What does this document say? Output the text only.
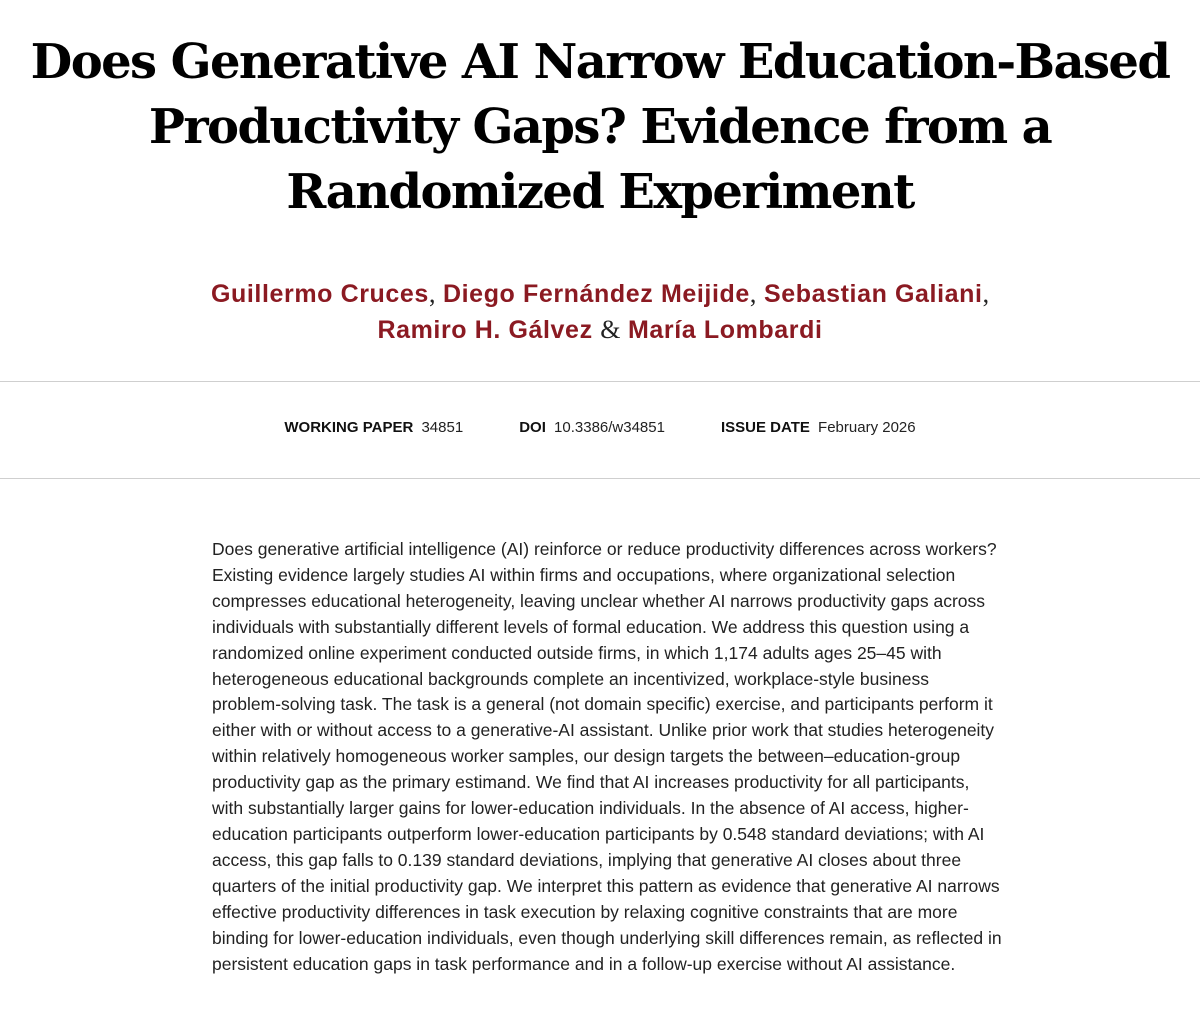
Does Generative AI Narrow Education-Based
Productivity Gaps? Evidence from a
Randomized Experiment
Guillermo Cruces, Diego Fernández Meijide, Sebastian Galiani, Ramiro H. Gálvez & María Lombardi
WORKING PAPER 34851	DOI 10.3386/w34851	ISSUE DATE February 2026

Does generative artificial intelligence (AI) reinforce or reduce productivity differences across workers? Existing evidence largely studies AI within firms and occupations, where organizational selection compresses educational heterogeneity, leaving unclear whether AI narrows productivity gaps across individuals with substantially different levels of formal education. We address this question using a randomized online experiment conducted outside firms, in which 1,174 adults ages 25–45 with heterogeneous educational backgrounds complete an incentivized, workplace-style business problem-solving task. The task is a general (not domain specific) exercise, and participants perform it either with or without access to a generative-AI assistant. Unlike prior work that studies heterogeneity within relatively homogeneous worker samples, our design targets the between–education-group productivity gap as the primary estimand. We find that AI increases productivity for all participants, with substantially larger gains for lower-education individuals. In the absence of AI access, higher-education participants outperform lower-education participants by 0.548 standard deviations; with AI access, this gap falls to 0.139 standard deviations, implying that generative AI closes about three quarters of the initial productivity gap. We interpret this pattern as evidence that generative AI narrows effective productivity differences in task execution by relaxing cognitive constraints that are more binding for lower-education individuals, even though underlying skill differences remain, as reflected in persistent education gaps in task performance and in a follow-up exercise without AI assistance.
